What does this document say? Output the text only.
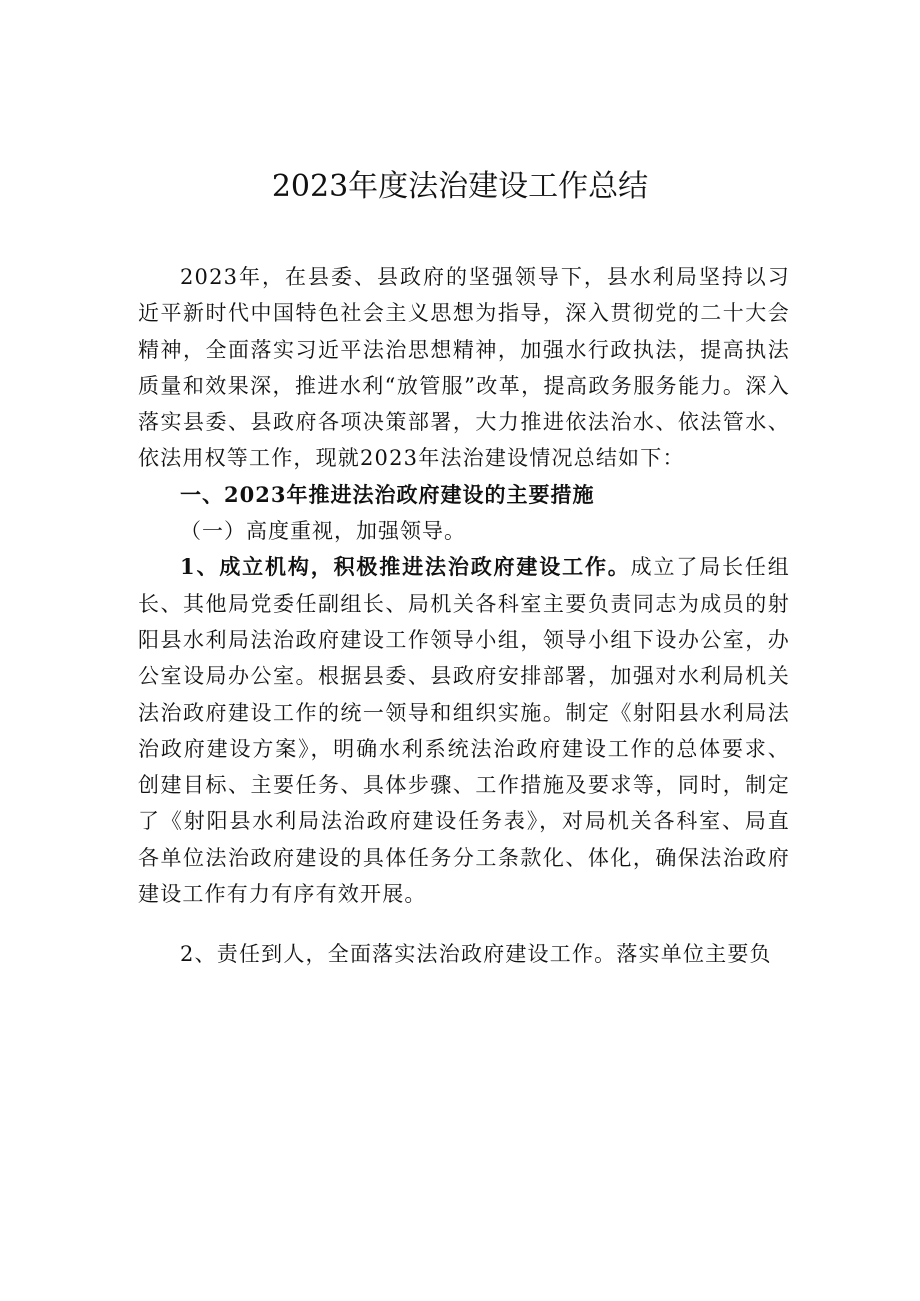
2023年度法治建设工作总结

2023年，在县委、县政府的坚强领导下，县水利局坚持以习近平新时代中国特色社会主义思想为指导，深入贯彻党的二十大会精神，全面落实习近平法治思想精神，加强水行政执法，提高执法质量和效果深，推进水利“放管服”改革，提高政务服务能力。深入落实县委、县政府各项决策部署，大力推进依法治水、依法管水、依法用权等工作，现就2023年法治建设情况总结如下：

一、2023年推进法治政府建设的主要措施

（一）高度重视，加强领导。

1、成立机构，积极推进法治政府建设工作。成立了局长任组长、其他局党委任副组长、局机关各科室主要负责同志为成员的射阳县水利局法治政府建设工作领导小组，领导小组下设办公室，办公室设局办公室。根据县委、县政府安排部署，加强对水利局机关法治政府建设工作的统一领导和组织实施。制定《射阳县水利局法治政府建设方案》，明确水利系统法治政府建设工作的总体要求、创建目标、主要任务、具体步骤、工作措施及要求等，同时，制定了《射阳县水利局法治政府建设任务表》，对局机关各科室、局直各单位法治政府建设的具体任务分工条款化、体化，确保法治政府建设工作有力有序有效开展。

2、责任到人，全面落实法治政府建设工作。落实单位主要负
